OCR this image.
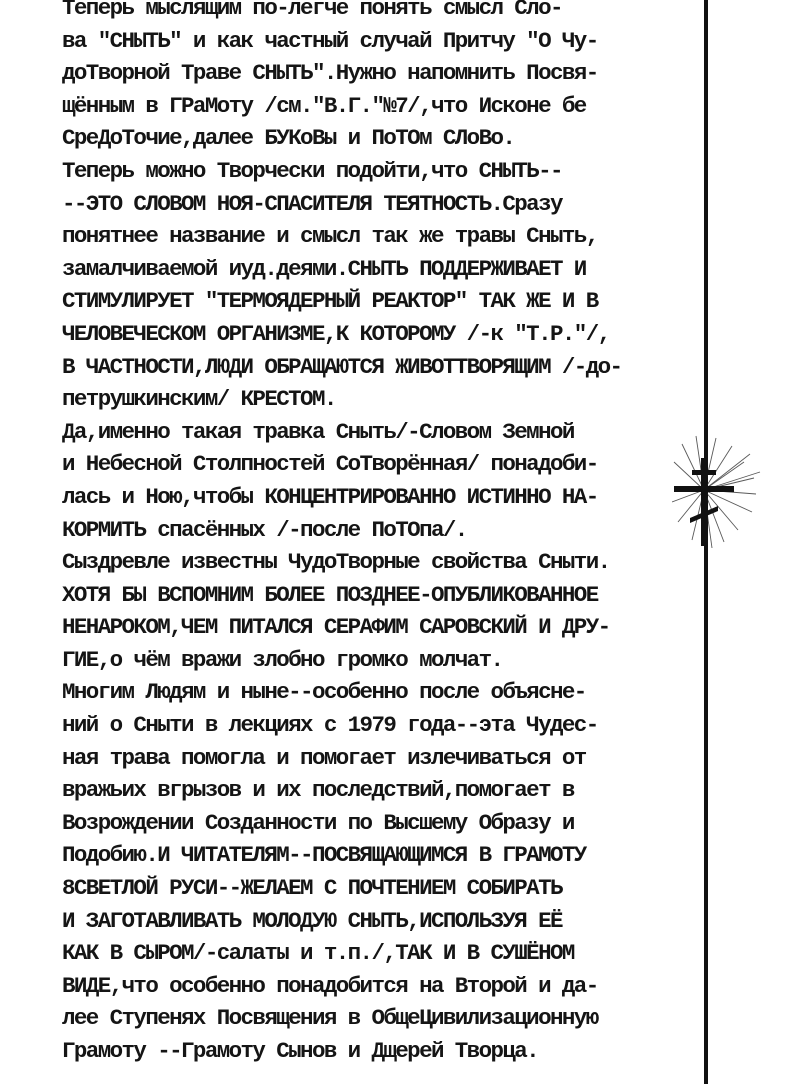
Теперь мыслящим по-легче понять смысл Сло-
ва "СНЫТЬ" и как частный случай Притчу "О Чу-
доТворной Траве СНЫТЬ".Нужно напомнить Посвя-
щённым в ГРаМоту /см."В.Г."№7/,что Исконе бе
СреДоТочие,далее БУКоВы и ПоТОм СЛоВо.
Теперь можно Творчески подойти,что СНЫТЬ--
--ЭТО СЛОВОМ НОЯ-СПАСИТЕЛЯ ТЕЯТНОСТЬ.Сразу
понятнее название и смысл так же травы Сныть,
замалчиваемой иуд.деями.СНЫТЬ ПОДДЕРЖИВАЕТ И
СТИМУЛИРУЕТ "ТЕРМОЯДЕРНЫЙ РЕАКТОР" ТАК ЖЕ И В
ЧЕЛОВЕЧЕСКОМ ОРГАНИЗМЕ,К КОТОРОМУ /-к "Т.Р."/,
В ЧАСТНОСТИ,ЛЮДИ ОБРАЩАЮТСЯ ЖИВОТТВОРЯЩИМ /-до-
петрушкинским/ КРЕСТОМ.
Да,именно такая травка Сныть/-Словом Земной
и Небесной Столпностей СоТворённая/ понадоби-
лась и Ною,чтобы КОНЦЕНТРИРОВАННО ИСТИННО НА-
КОРМИТЬ спасённых /-после ПоТОпа/.
Сыздревле известны ЧудоТворные свойства Сныти.
ХОТЯ БЫ ВСПОМНИМ БОЛЕЕ ПОЗДНЕЕ-ОПУБЛИКОВАННОЕ
НЕНАРОКОМ,ЧЕМ ПИТАЛСЯ СЕРАФИМ САРОВСКИЙ И ДРУ-
ГИЕ,о чём вражи злобно громко молчат.
Многим Людям и ныне--особенно после объясне-
ний о Сныти в лекциях с 1979 года--эта Чудес-
ная трава помогла и помогает излечиваться от
вражьих вгрызов и их последствий,помогает в
Возрождении Созданности по Высшему Образу и
Подобию.И ЧИТАТЕЛЯМ--ПОСВЯЩАЮЩИМСЯ В ГРАМОТУ
8СВЕТЛОЙ РУСИ--ЖЕЛАЕМ С ПОЧТЕНИЕМ СОБИРАТЬ
И ЗАГОТАВЛИВАТЬ МОЛОДУЮ СНЫТЬ,ИСПОЛЬЗУЯ ЕЁ
КАК В СЫРОМ/-салаты и т.п./,ТАК И В СУШЁНОМ
ВИДЕ,что особенно понадобится на Второй и да-
лее Ступенях Посвящения в ОбщеЦивилизационную
Грамоту --Грамоту Сынов и Дщерей Творца.
